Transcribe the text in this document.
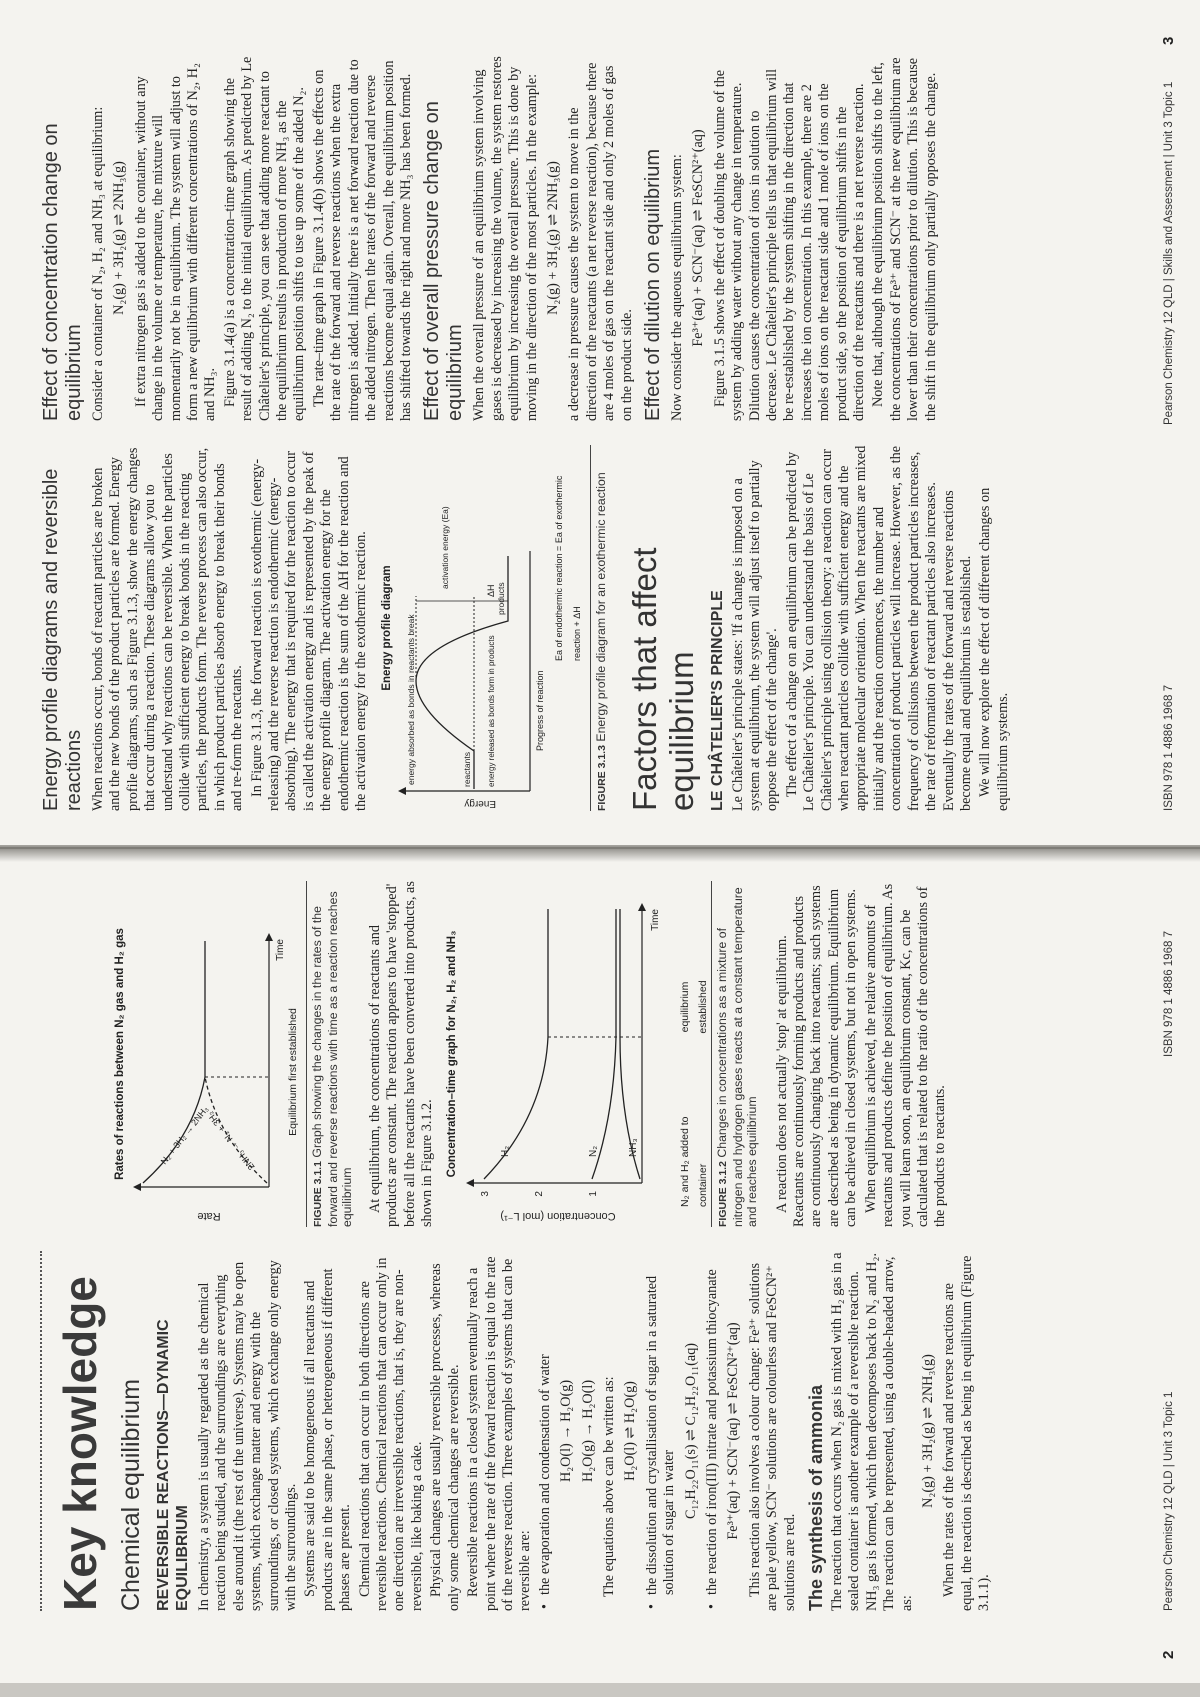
Key knowledge Chemical equilibrium REVERSIBLE REACTIONS—DYNAMIC EQUILIBRIUM In chemistry, a system is usually regarded as the chemical reaction being studied, and the surroundings are everything else around it (the rest of the universe). Systems may be open systems, which exchange matter and energy with the surroundings, or closed systems, which exchange only energy with the surroundings. Systems are said to be homogeneous if all reactants and products are in the same phase, or heterogeneous if different phases are present. Chemical reactions that can occur in both directions are reversible reactions. Chemical reactions that can occur only in one direction are irreversible reactions, that is, they are non-reversible, like baking a cake. Physical changes are usually reversible processes, whereas only some chemical changes are reversible. Reversible reactions in a closed system eventually reach a point where the rate of the forward reaction is equal to the rate of the reverse reaction. Three examples of systems that can be reversible are: • the evaporation and condensation of water H₂O(l) → H₂O(g) H₂O(g) → H₂O(l) The equations above can be written as: H₂O(l) ⇌ H₂O(g) • the dissolution and crystallisation of sugar in a saturated solution of sugar in water

C₁₂H₂₂O₁₁(s) ⇌ C₁₂H₂₂O₁₁(aq) • the reaction of iron(III) nitrate and potassium thiocyanate Fe³⁺(aq) + SCN⁻(aq) ⇌ FeSCN²⁺(aq) This reaction also involves a colour change: Fe³⁺ solutions are pale yellow, SCN⁻ solutions are colourless and FeSCN²⁺ solutions are red. The synthesis of ammonia The reaction that occurs when N₂ gas is mixed with H₂ gas in a sealed container is another example of a reversible reaction. NH₃ gas is formed, which then decomposes back to N₂ and H₂. The reaction can be represented, using a double-headed arrow, as:

N₂(g) + 3H₂(g) ⇌ 2NH₃(g) When the rates of the forward and reverse reactions are equal, the reaction is described as being in equilibrium (Figure 3.1.1).

Rates of reactions between N₂ gas and H₂ gas
Rate
Time
N₂ + 3H₂ → 2NH₃
2NH₃ → N₂ + 3H₂
Equilibrium first established
FIGURE 3.1.1 Graph showing the changes in the rates of the forward and reverse reactions with time as a reaction reaches equilibrium At equilibrium, the concentrations of reactants and products are constant. The reaction appears to have 'stopped' before all the reactants have been converted into products, as shown in Figure 3.1.2. Concentration–time graph for N₂, H₂ and NH₃
Concentration (mol L⁻¹)
Time
3	2	1
H₂	N₂	NH₃	N₂ and H₂ added to container
equilibrium established
FIGURE 3.1.2 Changes in concentrations as a mixture of nitrogen and hydrogen gases reacts at a constant temperature and reaches equilibrium A reaction does not actually 'stop' at equilibrium. Reactants are continuously forming products and products are continuously changing back into reactants; such systems are described as being in dynamic equilibrium. Equilibrium can be achieved in closed systems, but not in open systems. When equilibrium is achieved, the relative amounts of reactants and products define the position of equilibrium. As you will learn soon, an equilibrium constant, Kc, can be calculated that is related to the ratio of the concentrations of the products to reactants.

2
Pearson Chemistry 12 QLD | Unit 3 Topic 1
ISBN 978 1 4886 1968 7
Energy profile diagrams and reversible reactions When reactions occur, bonds of reactant particles are broken and the new bonds of the product particles are formed. Energy profile diagrams, such as Figure 3.1.3, show the energy changes that occur during a reaction. These diagrams allow you to understand why reactions can be reversible. When the particles collide with sufficient energy to break bonds in the reacting particles, the products form. The reverse process can also occur, in which product particles absorb energy to break their bonds and re-form the reactants. In Figure 3.1.3, the forward reaction is exothermic (energy-releasing) and the reverse reaction is endothermic (energy-absorbing). The energy that is required for the reaction to occur is called the activation energy and is represented by the peak of the energy profile diagram. The activation energy for the endothermic reaction is the sum of the ΔH for the reaction and the activation energy for the exothermic reaction. Energy profile diagram
Energy
energy absorbed as bonds in reactants break
activation energy (Ea)
reactants energy released as bonds form in products
products
ΔH
Progress of reaction
Ea of endothermic reaction = Ea of exothermic reaction + ΔH
FIGURE 3.1.3 Energy profile diagram for an exothermic reaction Factors that affect equilibrium LE CHÂTELIER'S PRINCIPLE Le Châtelier's principle states: 'If a change is imposed on a system at equilibrium, the system will adjust itself to partially oppose the effect of the change'. The effect of a change on an equilibrium can be predicted by Le Châtelier's principle. You can understand the basis of Le Châtelier's principle using collision theory: a reaction can occur when reactant particles collide with sufficient energy and the appropriate molecular orientation. When the reactants are mixed initially and the reaction commences, the number and concentration of product particles will increase. However, as the frequency of collisions between the product particles increases, the rate of reformation of reactant particles also increases. Eventually the rates of the forward and reverse reactions become equal and equilibrium is established. We will now explore the effect of different changes on equilibrium systems.

Effect of concentration change on equilibrium Consider a container of N₂, H₂ and NH₃ at equilibrium: N₂(g) + 3H₂(g) ⇌ 2NH₃(g) If extra nitrogen gas is added to the container, without any change in the volume or temperature, the mixture will momentarily not be in equilibrium. The system will adjust to form a new equilibrium with different concentrations of N₂, H₂ and NH₃. Figure 3.1.4(a) is a concentration–time graph showing the result of adding N₂ to the initial equilibrium. As predicted by Le Châtelier's principle, you can see that adding more reactant to the equilibrium results in production of more NH₃ as the equilibrium position shifts to use up some of the added N₂. The rate–time graph in Figure 3.1.4(b) shows the effects on the rate of the forward and reverse reactions when the extra nitrogen is added. Initially there is a net forward reaction due to the added nitrogen. Then the rates of the forward and reverse reactions become equal again. Overall, the equilibrium position has shifted towards the right and more NH₃ has been formed. Effect of overall pressure change on equilibrium When the overall pressure of an equilibrium system involving gases is decreased by increasing the volume, the system restores equilibrium by increasing the overall pressure. This is done by moving in the direction of the most particles. In the example: N₂(g) + 3H₂(g) ⇌ 2NH₃(g) a decrease in pressure causes the system to move in the direction of the reactants (a net reverse reaction), because there are 4 moles of gas on the reactant side and only 2 moles of gas on the product side. Effect of dilution on equilibrium Now consider the aqueous equilibrium system: Fe³⁺(aq) + SCN⁻(aq) ⇌ FeSCN²⁺(aq) Figure 3.1.5 shows the effect of doubling the volume of the system by adding water without any change in temperature. Dilution causes the concentration of ions in solution to decrease. Le Châtelier's principle tells us that equilibrium will be re-established by the system shifting in the direction that increases the ion concentration. In this example, there are 2 moles of ions on the reactant side and 1 mole of ions on the product side, so the position of equilibrium shifts in the direction of the reactants and there is a net reverse reaction. Note that, although the equilibrium position shifts to the left, the concentrations of Fe³⁺ and SCN⁻ at the new equilibrium are lower than their concentrations prior to dilution. This is because the shift in the equilibrium only partially opposes the change.

ISBN 978 1 4886 1968 7
Pearson Chemistry 12 QLD | Skills and Assessment | Unit 3 Topic 1
3
